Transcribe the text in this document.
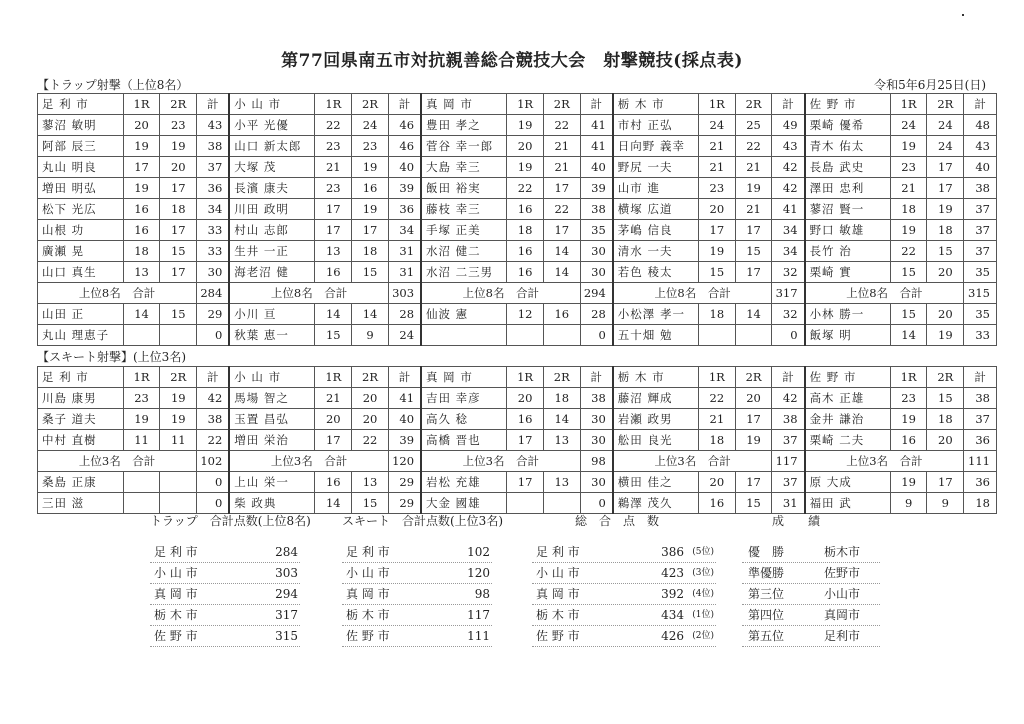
第77回県南五市対抗親善総合競技大会　射撃競技(採点表)
【トラップ射撃（上位8名）	令和5年6月25日(日)
足 利 市	1R	2R	計	小 山 市	1R	2R	計	真 岡 市	1R	2R	計	栃 木 市	1R	2R	計	佐 野 市	1R	2R	計
蓼沼 敏明	20	23	43	小平 光優	22	24	46	豊田 孝之	19	22	41	市村 正弘	24	25	49	栗崎 優希	24	24	48
阿部 辰三	19	19	38	山口 新太郎	23	23	46	菅谷 幸一郎	20	21	41	日向野 義幸	21	22	43	青木 佑太	19	24	43
丸山 明良	17	20	37	大塚 茂	21	19	40	大島 幸三	19	21	40	野尻 一夫	21	21	42	長島 武史	23	17	40
増田 明弘	19	17	36	長濱 康夫	23	16	39	飯田 裕実	22	17	39	山市 進	23	19	42	澤田 忠利	21	17	38
松下 光広	16	18	34	川田 政明	17	19	36	藤枝 幸三	16	22	38	横塚 広道	20	21	41	蓼沼 賢一	18	19	37
山根 功	16	17	33	村山 志郎	17	17	34	手塚 正美	18	17	35	茅嶋 信良	17	17	34	野口 敏雄	19	18	37
廣瀬 晃	18	15	33	生井 一正	13	18	31	水沼 健二	16	14	30	清水 一夫	19	15	34	長竹 治	22	15	37
山口 真生	13	17	30	海老沼 健	16	15	31	水沼 二三男	16	14	30	若色 稜太	15	17	32	栗崎 實	15	20	35
上位8名　合計			284	上位8名　合計			303	上位8名　合計			294	上位8名　合計			317	上位8名　合計			315
山田 正	14	15	29	小川 亘	14	14	28	仙波 憲	12	16	28	小松澤 孝一	18	14	32	小林 勝一	15	20	35
丸山 理恵子			0	秋葉 恵一	15	9	24				0	五十畑 勉			0	飯塚 明	14	19	33
【スキート射撃】(上位3名)
足 利 市	1R	2R	計	小 山 市	1R	2R	計	真 岡 市	1R	2R	計	栃 木 市	1R	2R	計	佐 野 市	1R	2R	計
川島 康男	23	19	42	馬場 智之	21	20	41	吉田 幸彦	20	18	38	藤沼 輝成	22	20	42	高木 正雄	23	15	38
桑子 道夫	19	19	38	玉置 昌弘	20	20	40	高久 稔	16	14	30	岩瀬 政男	21	17	38	金井 謙治	19	18	37
中村 直樹	11	11	22	増田 栄治	17	22	39	高橋 晋也	17	13	30	舩田 良光	18	19	37	栗崎 二夫	16	20	36
上位3名　合計			102	上位3名　合計			120	上位3名　合計			98	上位3名　合計			117	上位3名　合計			111
桑島 正康			0	上山 栄一	16	13	29	岩松 充雄	17	13	30	横田 佳之	20	17	37	原 大成	19	17	36
三田 滋			0	柴 政典	14	15	29	大金 國雄			0	鵜澤 茂久	16	15	31	福田 武	9	9	18
トラップ　合計点数(上位8名)	スキート　合計点数(上位3名)	総　合　点　数	成　　績
足 利 市	284	足 利 市	102	足 利 市	386 (5位)	優　勝	栃木市
小 山 市	303	小 山 市	120	小 山 市	423 (3位)	準優勝	佐野市
真 岡 市	294	真 岡 市	98	真 岡 市	392 (4位)	第三位	小山市
栃 木 市	317	栃 木 市	117	栃 木 市	434 (1位)	第四位	真岡市
佐 野 市	315	佐 野 市	111	佐 野 市	426 (2位)	第五位	足利市
